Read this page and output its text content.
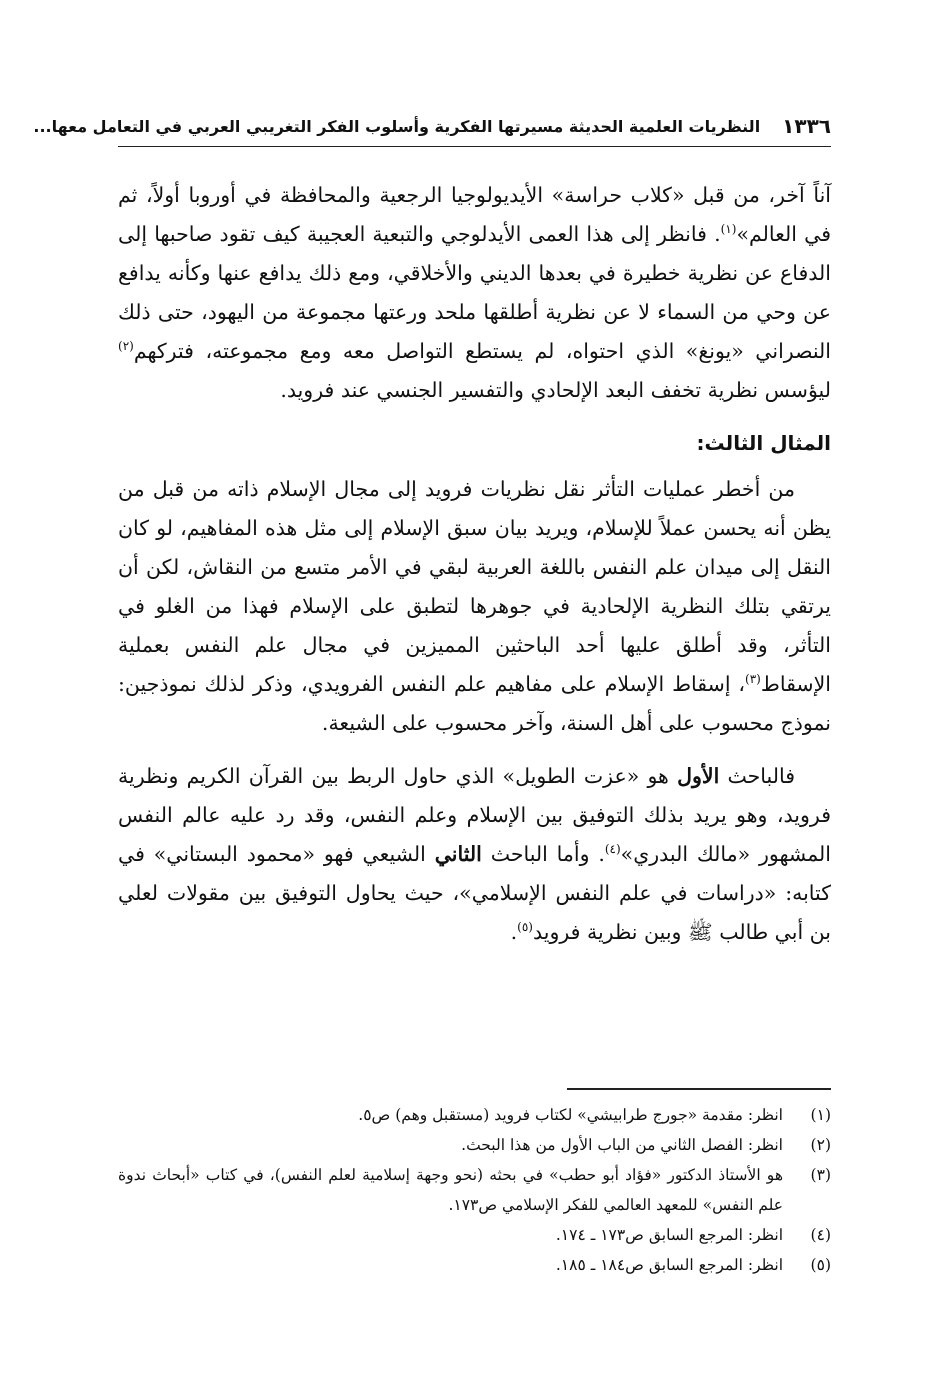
١٣٣٦
النظريات العلمية الحديثة مسيرتها الفكرية وأسلوب الفكر التغريبي العربي في التعامل معها...

آناً آخر، من قبل «كلاب حراسة» الأيديولوجيا الرجعية والمحافظة في أوروبا أولاً، ثم في العالم»$^{(١)}$. فانظر إلى هذا العمى الأيدلوجي والتبعية العجيبة كيف تقود صاحبها إلى الدفاع عن نظرية خطيرة في بعدها الديني والأخلاقي، ومع ذلك يدافع عنها وكأنه يدافع عن وحي من السماء لا عن نظرية أطلقها ملحد ورعتها مجموعة من اليهود، حتى ذلك النصراني «يونغ» الذي احتواه، لم يستطع التواصل معه ومع مجموعته، فتركهم$^{(٢)}$ ليؤسس نظرية تخفف البعد الإلحادي والتفسير الجنسي عند فرويد.

المثال الثالث:

من أخطر عمليات التأثر نقل نظريات فرويد إلى مجال الإسلام ذاته من قبل من يظن أنه يحسن عملاً للإسلام، ويريد بيان سبق الإسلام إلى مثل هذه المفاهيم، لو كان النقل إلى ميدان علم النفس باللغة العربية لبقي في الأمر متسع من النقاش، لكن أن يرتقي بتلك النظرية الإلحادية في جوهرها لتطبق على الإسلام فهذا من الغلو في التأثر، وقد أطلق عليها أحد الباحثين المميزين في مجال علم النفس بعملية الإسقاط$^{(٣)}$، إسقاط الإسلام على مفاهيم علم النفس الفرويدي، وذكر لذلك نموذجين: نموذج محسوب على أهل السنة، وآخر محسوب على الشيعة.

فالباحث الأول هو «عزت الطويل» الذي حاول الربط بين القرآن الكريم ونظرية فرويد، وهو يريد بذلك التوفيق بين الإسلام وعلم النفس، وقد رد عليه عالم النفس المشهور «مالك البدري»$^{(٤)}$. وأما الباحث الثاني الشيعي فهو «محمود البستاني» في كتابه: «دراسات في علم النفس الإسلامي»، حيث يحاول التوفيق بين مقولات لعلي بن أبي طالب ﷺ وبين نظرية فرويد$^{(٥)}$.

(١)
انظر: مقدمة «جورج طرابيشي» لكتاب فرويد (مستقبل وهم) ص٥.
(٢)
انظر: الفصل الثاني من الباب الأول من هذا البحث.
(٣)
هو الأستاذ الدكتور «فؤاد أبو حطب» في بحثه (نحو وجهة إسلامية لعلم النفس)، في كتاب «أبحاث ندوة علم النفس» للمعهد العالمي للفكر الإسلامي ص١٧٣.
(٤)
انظر: المرجع السابق ص١٧٣ ـ ١٧٤.
(٥)
انظر: المرجع السابق ص١٨٤ ـ ١٨٥.
